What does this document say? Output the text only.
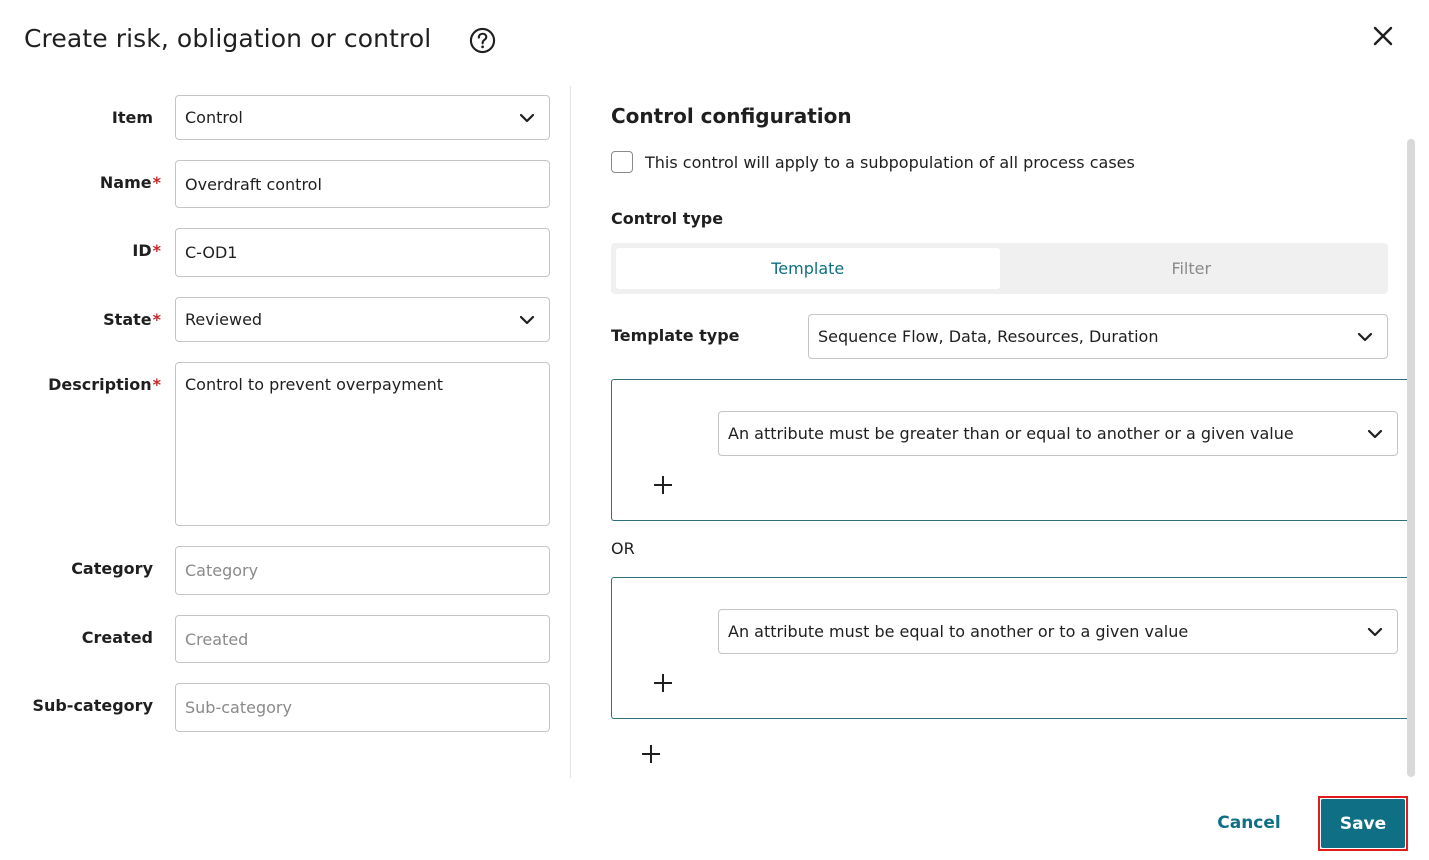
Create risk, obligation or control
Item Control
Name*
Overdraft control
ID*
C-OD1
State* Reviewed
Description*
Control to prevent overpayment
Category
Category
Created
Created
Sub-category
Sub-category
Control configuration
This control will apply to a subpopulation of all process cases
Control type
Template	Filter
Template type	Sequence Flow, Data, Resources, Duration
An attribute must be greater than or equal to another or a given value
OR
An attribute must be equal to another or to a given value
Cancel	Save
